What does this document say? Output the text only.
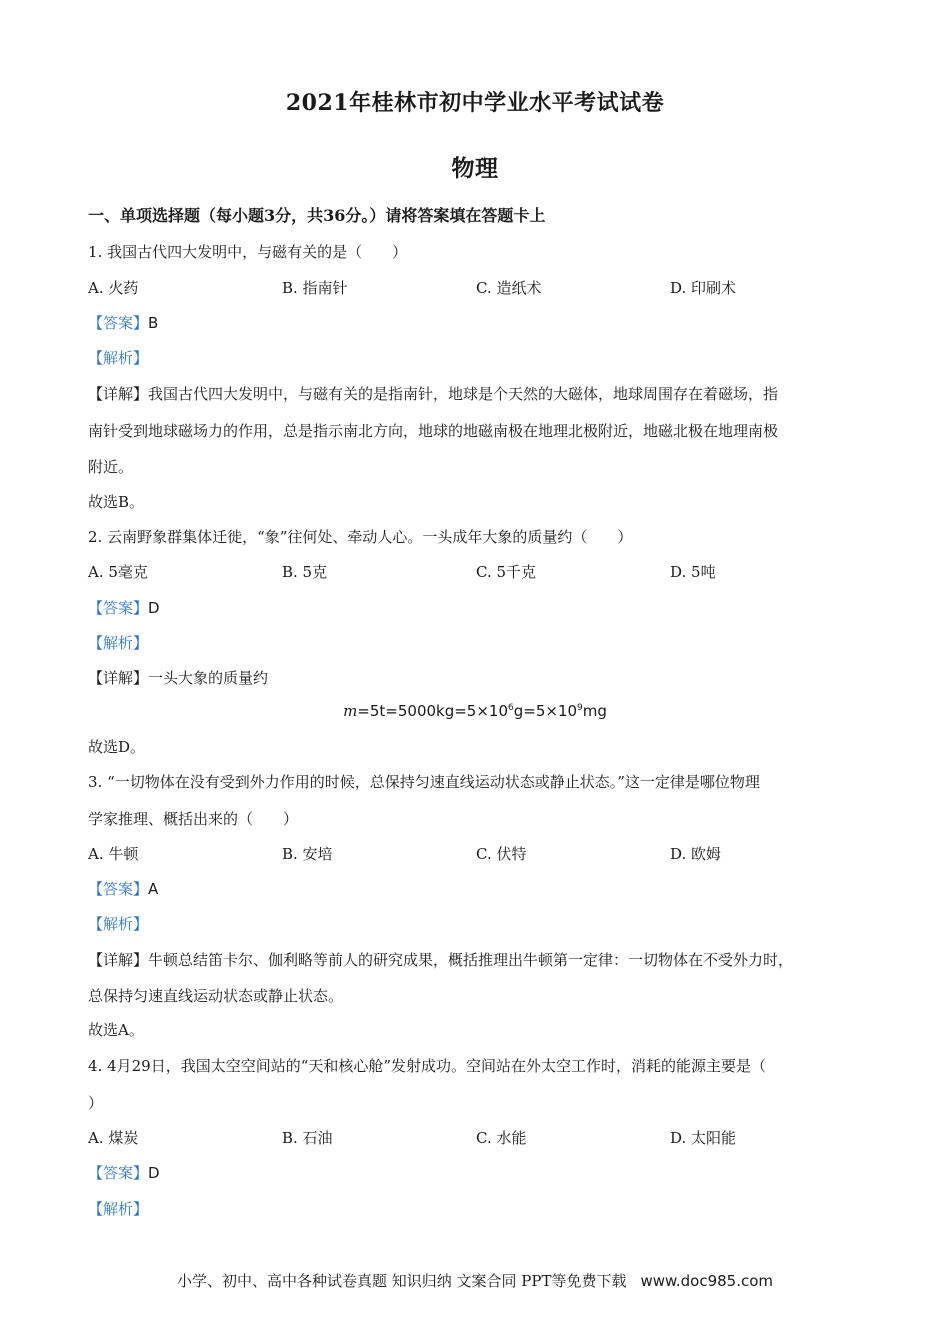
2021年桂林市初中学业水平考试试卷
物理
一、单项选择题（每小题3分，共36分。）请将答案填在答题卡上
1. 我国古代四大发明中，与磁有关的是（　　）
A. 火药	B. 指南针	C. 造纸术	D. 印刷术
【答案】B
【解析】
【详解】我国古代四大发明中，与磁有关的是指南针，地球是个天然的大磁体，地球周围存在着磁场，指
南针受到地球磁场力的作用，总是指示南北方向，地球的地磁南极在地理北极附近，地磁北极在地理南极
附近。
故选B。
2. 云南野象群集体迁徙，“象”往何处、牵动人心。一头成年大象的质量约（　　）
A. 5毫克	B. 5克	C. 5千克	D. 5吨
【答案】D
【解析】
【详解】一头大象的质量约
$m=5t=5000kg=5\times 10^6g=5\times 10^9mg$
故选D。
3. “一切物体在没有受到外力作用的时候，总保持匀速直线运动状态或静止状态。”这一定律是哪位物理
学家推理、概括出来的（　　）
A. 牛顿	B. 安培	C. 伏特	D. 欧姆
【答案】A
【解析】
【详解】牛顿总结笛卡尔、伽利略等前人的研究成果，概括推理出牛顿第一定律：一切物体在不受外力时，
总保持匀速直线运动状态或静止状态。
故选A。
4. 4月29日，我国太空空间站的“天和核心舱”发射成功。空间站在外太空工作时，消耗的能源主要是（
）
A. 煤炭	B. 石油	C. 水能	D. 太阳能
【答案】D
【解析】
小学、初中、高中各种试卷真题 知识归纳 文案合同 PPT等免费下载 www.doc985.com
